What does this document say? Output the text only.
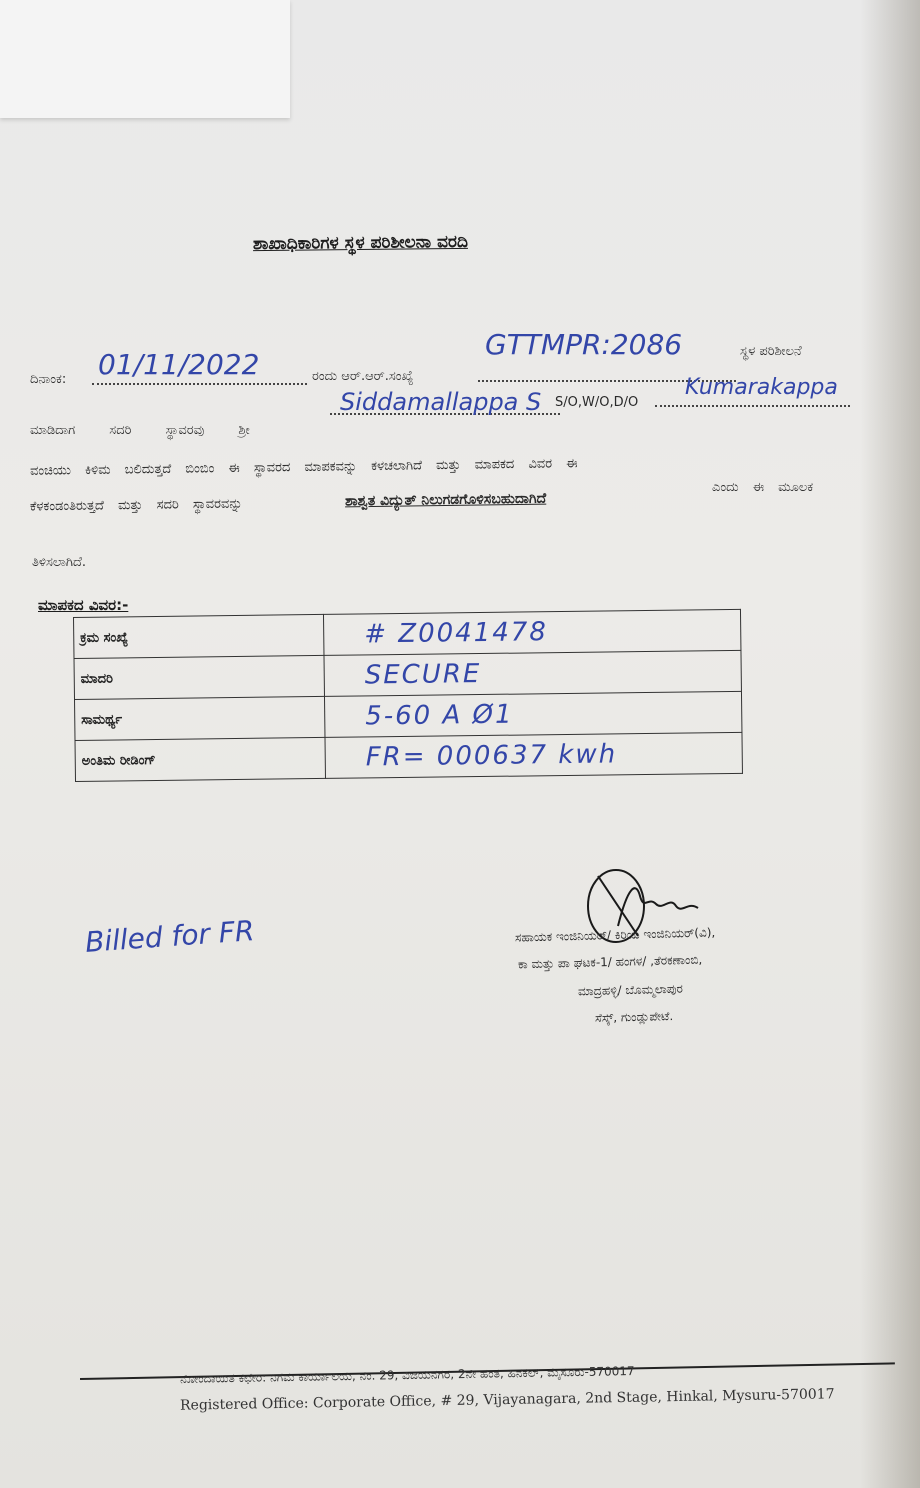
ಶಾಖಾಧಿಕಾರಿಗಳ ಸ್ಥಳ ಪರಿಶೀಲನಾ ವರದಿ
ದಿನಾಂಕ: 01/11/2022	ರಂದು ಆರ್.ಆರ್.ಸಂಖ್ಯೆ
GTTMPR:2086	ಸ್ಥಳ ಪರಿಶೀಲನೆ
ಮಾಡಿದಾಗ ಸದರಿ ಸ್ಥಾವರವು ಶ್ರೀ
Siddamallappa S S/O,W/O,D/O
Kumarakappa
ವಂಚಿಯು ಕಿಳಿಮ ಬಲಿದುತ್ತದೆ ಬಿಂಬಿಂ ಈ ಸ್ಥಾವರದ ಮಾಪಕವನ್ನು ಕಳಚಲಾಗಿದೆ ಮತ್ತು ಮಾಪಕದ ವಿವರ ಈ
ಕೆಳಕಂಡಂತಿರುತ್ತದೆ ಮತ್ತು ಸದರಿ ಸ್ಥಾವರವನ್ನು	ಶಾಶ್ವತ ವಿದ್ಯುತ್ ನಿಲುಗಡಗೊಳಿಸಬಹುದಾಗಿದೆ
ಎಂದು ಈ ಮೂಲಕ
ತಿಳಿಸಲಾಗಿದೆ.
ಮಾಪಕದ ವಿವರ:-
ಕ್ರಮ ಸಂಖ್ಯೆ	# Z0041478
ಮಾದರಿ	SECURE
ಸಾಮರ್ಥ್ಯ	5-60 A Ø1
ಅಂತಿಮ ರೀಡಿಂಗ್	FR= 000637 kwh
Billed for FR	ಸಹಾಯಕ ಇಂಜಿನಿಯರ್/ ಕಿರಿಯ ಇಂಜಿನಿಯರ್(ವಿ),
ಕಾ ಮತ್ತು ಪಾ ಘಟಕ-1/ ಹಂಗಳ/ ,ತೆರಕಣಾಂಬಿ,
ಮಾದ್ರಹಳ್ಳಿ/ ಬೊಮ್ಮಲಾಪುರ
ಸೆಸ್ಕ್, ಗುಂಡ್ಲುಪೇಟೆ.
ನೋಂದಾಯಿತ ಕಛೇರಿ: ನಿಗಮ ಕಾರ್ಯಾಲಯ, ನಂ. 29, ವಿಜಯನಗರ, 2ನೇ ಹಂತ, ಹಿನಕಲ್, ಮೈಸೂರು-570017
Registered Office: Corporate Office, # 29, Vijayanagara, 2nd Stage, Hinkal, Mysuru-570017
